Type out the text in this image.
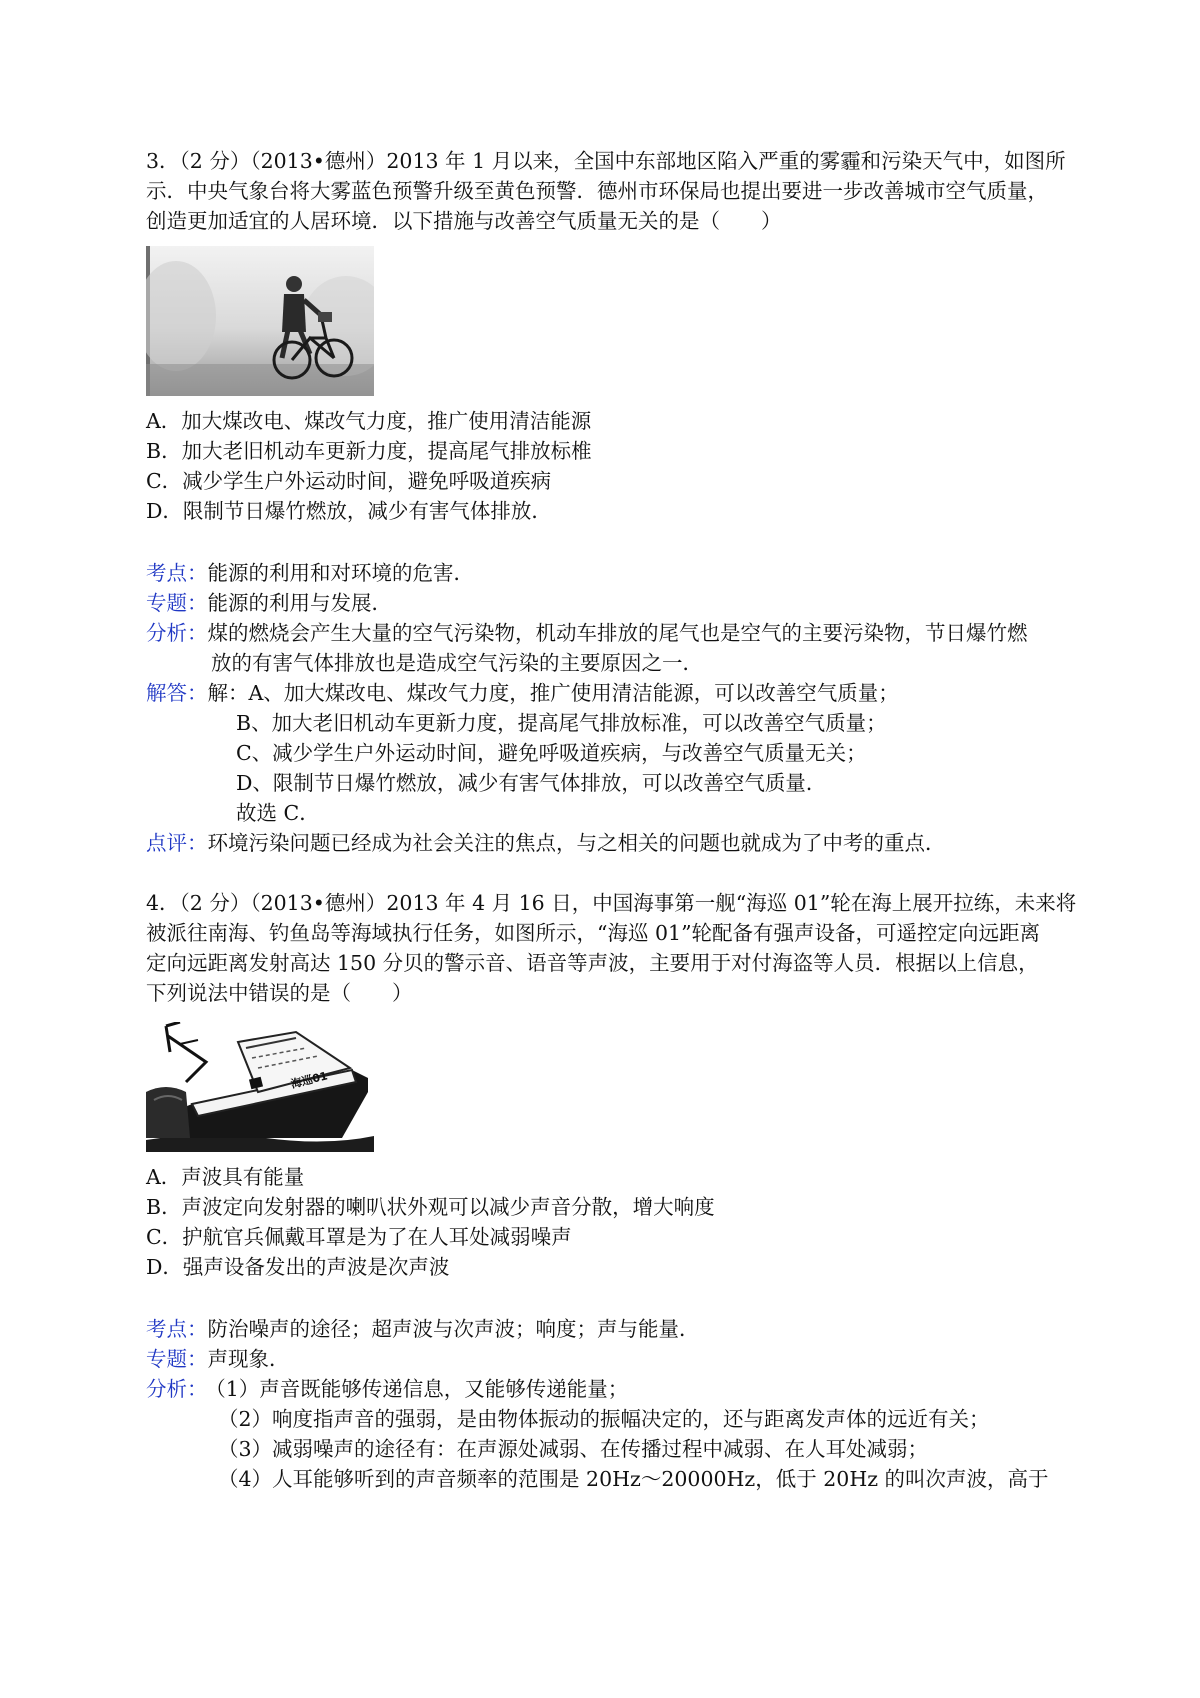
3．（2 分）（2013•德州）2013 年 1 月以来，全国中东部地区陷入严重的雾霾和污染天气中，如图所
示．中央气象台将大雾蓝色预警升级至黄色预警．德州市环保局也提出要进一步改善城市空气质量，
创造更加适宜的人居环境．以下措施与改善空气质量无关的是（　　）
A．加大煤改电、煤改气力度，推广使用清洁能源
B．加大老旧机动车更新力度，提高尾气排放标椎
C．减少学生户外运动时间，避免呼吸道疾病
D．限制节日爆竹燃放，减少有害气体排放．
考点：能源的利用和对环境的危害．
专题：能源的利用与发展．
分析：煤的燃烧会产生大量的空气污染物，机动车排放的尾气也是空气的主要污染物，节日爆竹燃
放的有害气体排放也是造成空气污染的主要原因之一．
解答：解：A、加大煤改电、煤改气力度，推广使用清洁能源，可以改善空气质量；
B、加大老旧机动车更新力度，提高尾气排放标准，可以改善空气质量；
C、减少学生户外运动时间，避免呼吸道疾病，与改善空气质量无关；
D、限制节日爆竹燃放，减少有害气体排放，可以改善空气质量．
故选 C．
点评：环境污染问题已经成为社会关注的焦点，与之相关的问题也就成为了中考的重点．
4．（2 分）（2013•德州）2013 年 4 月 16 日，中国海事第一舰“海巡 01”轮在海上展开拉练，未来将
被派往南海、钓鱼岛等海域执行任务，如图所示，“海巡 01”轮配备有强声设备，可遥控定向远距离
定向远距离发射高达 150 分贝的警示音、语音等声波，主要用于对付海盗等人员．根据以上信息，
下列说法中错误的是（　　）
海巡01
A．声波具有能量
B．声波定向发射器的喇叭状外观可以减少声音分散，增大响度
C．护航官兵佩戴耳罩是为了在人耳处减弱噪声
D．强声设备发出的声波是次声波
考点：防治噪声的途径；超声波与次声波；响度；声与能量．
专题：声现象．
分析： （1）声音既能够传递信息，又能够传递能量；
（2）响度指声音的强弱，是由物体振动的振幅决定的，还与距离发声体的远近有关；
（3）减弱噪声的途径有：在声源处减弱、在传播过程中减弱、在人耳处减弱；
（4）人耳能够听到的声音频率的范围是 20Hz～20000Hz，低于 20Hz 的叫次声波，高于
